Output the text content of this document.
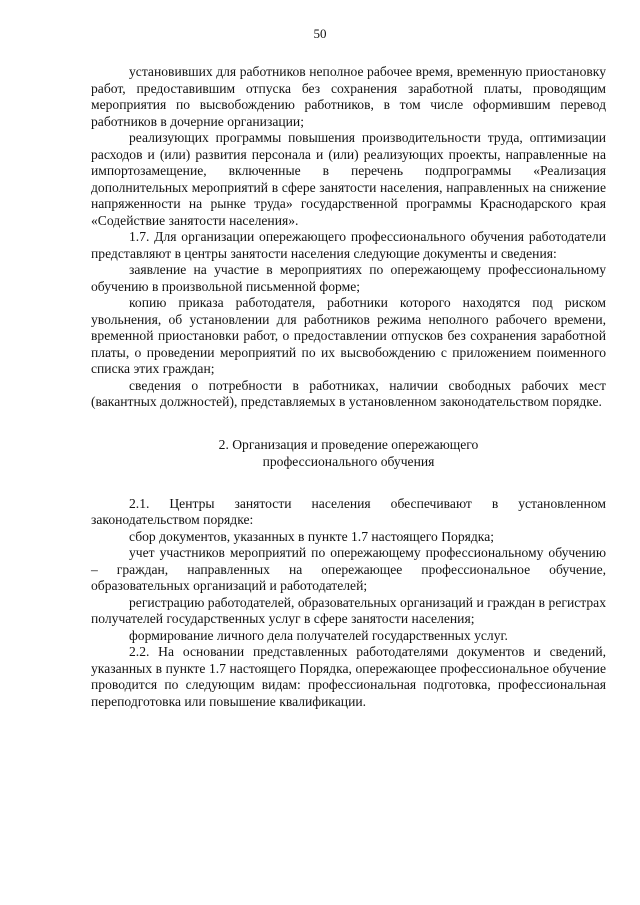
50

установивших для работников неполное рабочее время, временную приостановку работ, предоставившим отпуска без сохранения заработной платы, проводящим мероприятия по высвобождению работников, в том числе оформившим перевод работников в дочерние организации;

реализующих программы повышения производительности труда, оптимизации расходов и (или) развития персонала и (или) реализующих проекты, направленные на импортозамещение, включенные в перечень подпрограммы «Реализация дополнительных мероприятий в сфере занятости населения, направленных на снижение напряженности на рынке труда» государственной программы Краснодарского края «Содействие занятости населения».

1.7. Для организации опережающего профессионального обучения работодатели представляют в центры занятости населения следующие документы и сведения:

заявление на участие в мероприятиях по опережающему профессиональному обучению в произвольной письменной форме;

копию приказа работодателя, работники которого находятся под риском увольнения, об установлении для работников режима неполного рабочего времени, временной приостановки работ, о предоставлении отпусков без сохранения заработной платы, о проведении мероприятий по их высвобождению с приложением поименного списка этих граждан;

сведения о потребности в работниках, наличии свободных рабочих мест (вакантных должностей), представляемых в установленном законодательством порядке.

2. Организация и проведение опережающего
профессионального обучения

2.1. Центры занятости населения обеспечивают в установленном законодательством порядке:

сбор документов, указанных в пункте 1.7 настоящего Порядка;

учет участников мероприятий по опережающему профессиональному обучению – граждан, направленных на опережающее профессиональное обучение, образовательных организаций и работодателей;

регистрацию работодателей, образовательных организаций и граждан в регистрах получателей государственных услуг в сфере занятости населения;

формирование личного дела получателей государственных услуг.

2.2. На основании представленных работодателями документов и сведений, указанных в пункте 1.7 настоящего Порядка, опережающее профессиональное обучение проводится по следующим видам: профессиональная подготовка, профессиональная переподготовка или повышение квалификации.
